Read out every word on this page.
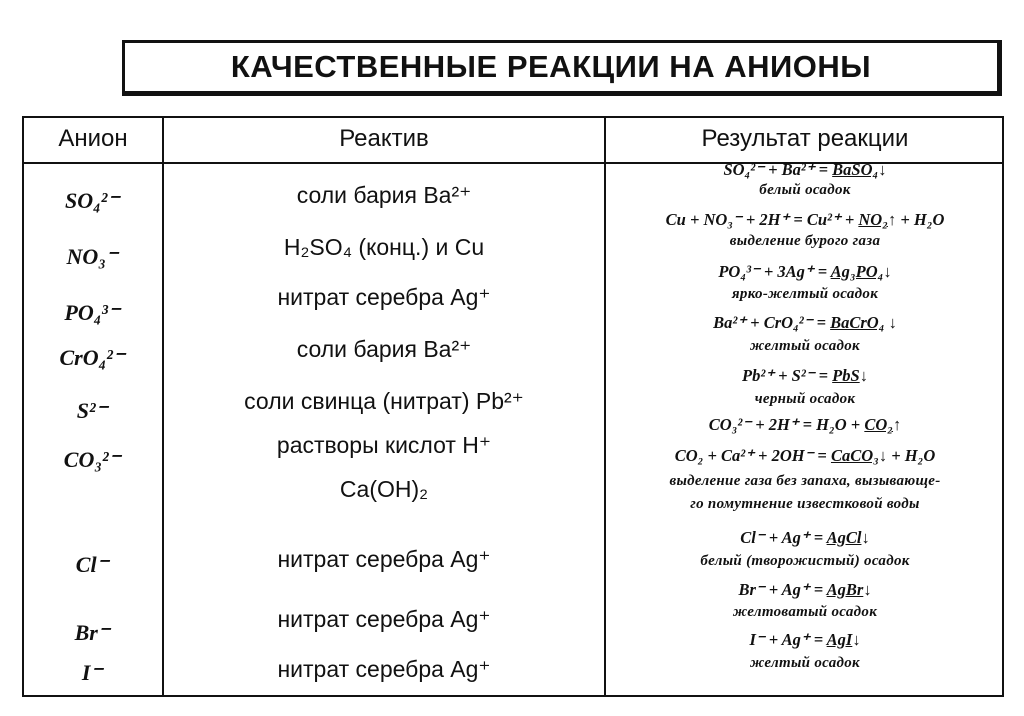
КАЧЕСТВЕННЫЕ РЕАКЦИИ НА АНИОНЫ
Анион	Реактив	Результат реакции
SO₄²⁻
NO₃⁻
PO₄³⁻
CrO₄²⁻
S²⁻
CO₃²⁻
Cl⁻
Br⁻
I⁻
соли бария Ba²⁺
H₂SO₄ (конц.) и Cu
нитрат серебра Ag⁺
соли бария Ba²⁺
соли свинца (нитрат) Pb²⁺
растворы кислот H⁺
Ca(OH)₂
нитрат серебра Ag⁺
нитрат серебра Ag⁺
нитрат серебра Ag⁺
SO₄²⁻ + Ba²⁺ = BaSO₄↓
белый осадок
Cu + NO₃⁻ + 2H⁺ = Cu²⁺ + NO₂↑ + H₂O
выделение бурого газа
PO₄³⁻ + 3Ag⁺ = Ag₃PO₄↓
ярко-желтый осадок
Ba²⁺ + CrO₄²⁻ = BaCrO₄ ↓
желтый осадок
Pb²⁺ + S²⁻ = PbS↓
черный осадок
CO₃²⁻ + 2H⁺ = H₂O + CO₂↑
CO₂ + Ca²⁺ + 2OH⁻ = CaCO₃↓ + H₂O
выделение газа без запаха, вызывающе-
го помутнение известковой воды
Cl⁻ + Ag⁺ = AgCl↓
белый (творожистый) осадок
Br⁻ + Ag⁺ = AgBr↓
желтоватый осадок
I⁻ + Ag⁺ = AgI↓
желтый осадок
